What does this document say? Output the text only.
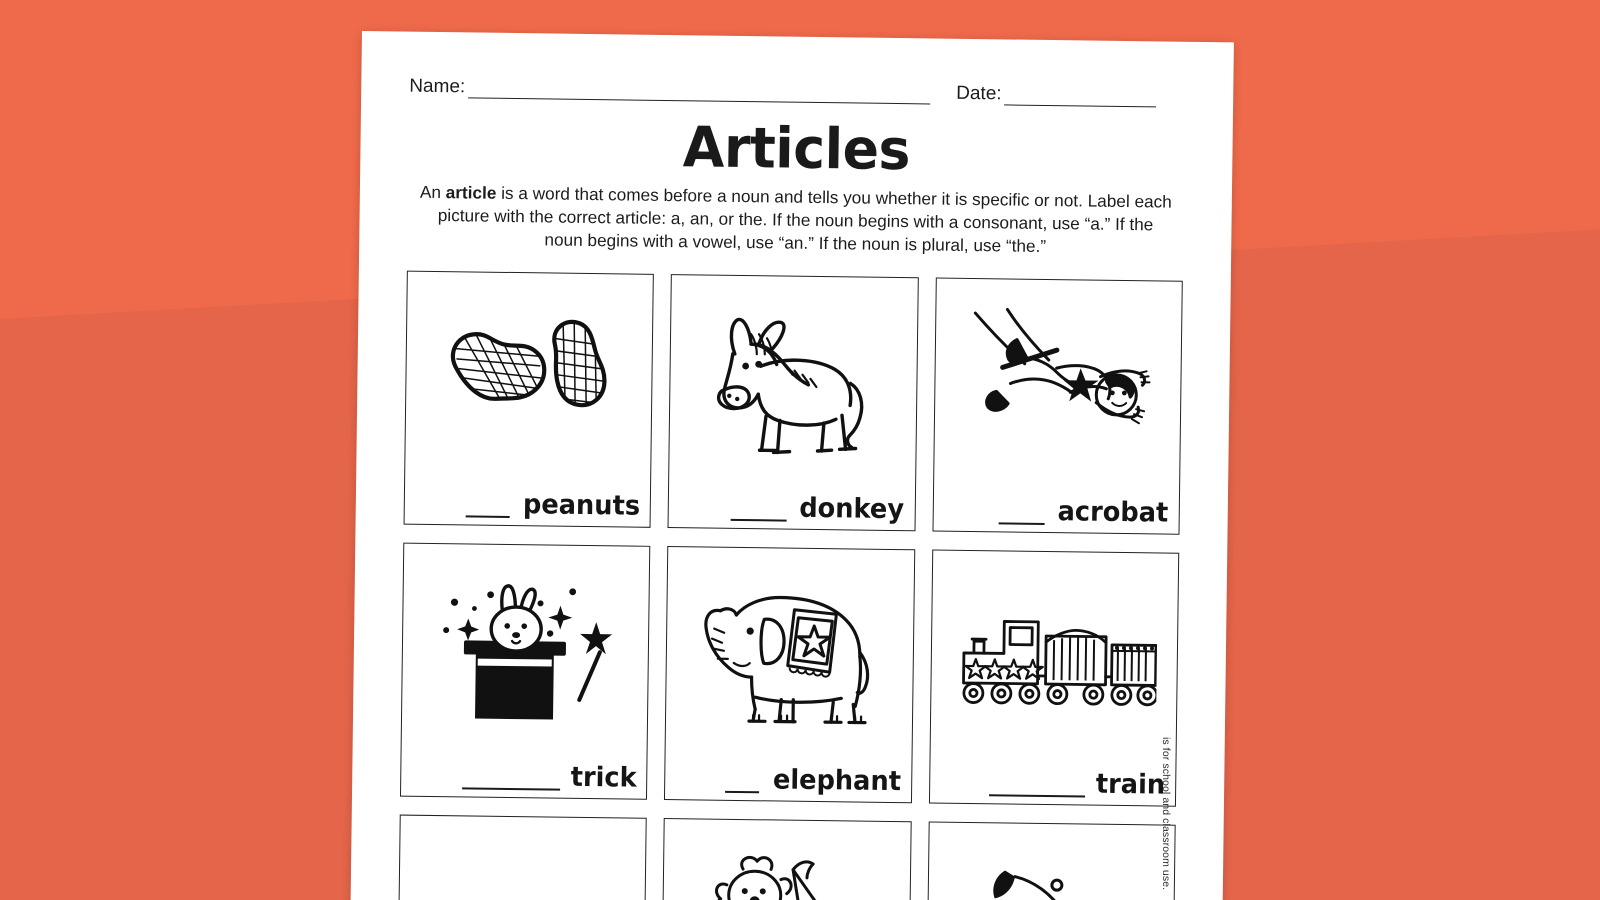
Name:	Date:
Articles

An article is a word that comes before a noun and tells you whether it is specific or not. Label each picture with the correct article: a, an, or the. If the noun begins with a consonant, use “a.” If the noun begins with a vowel, use “an.” If the noun is plural, use “the.”

peanuts	donkey	acrobat
trick	elephant	train
is for school and classroom use.
